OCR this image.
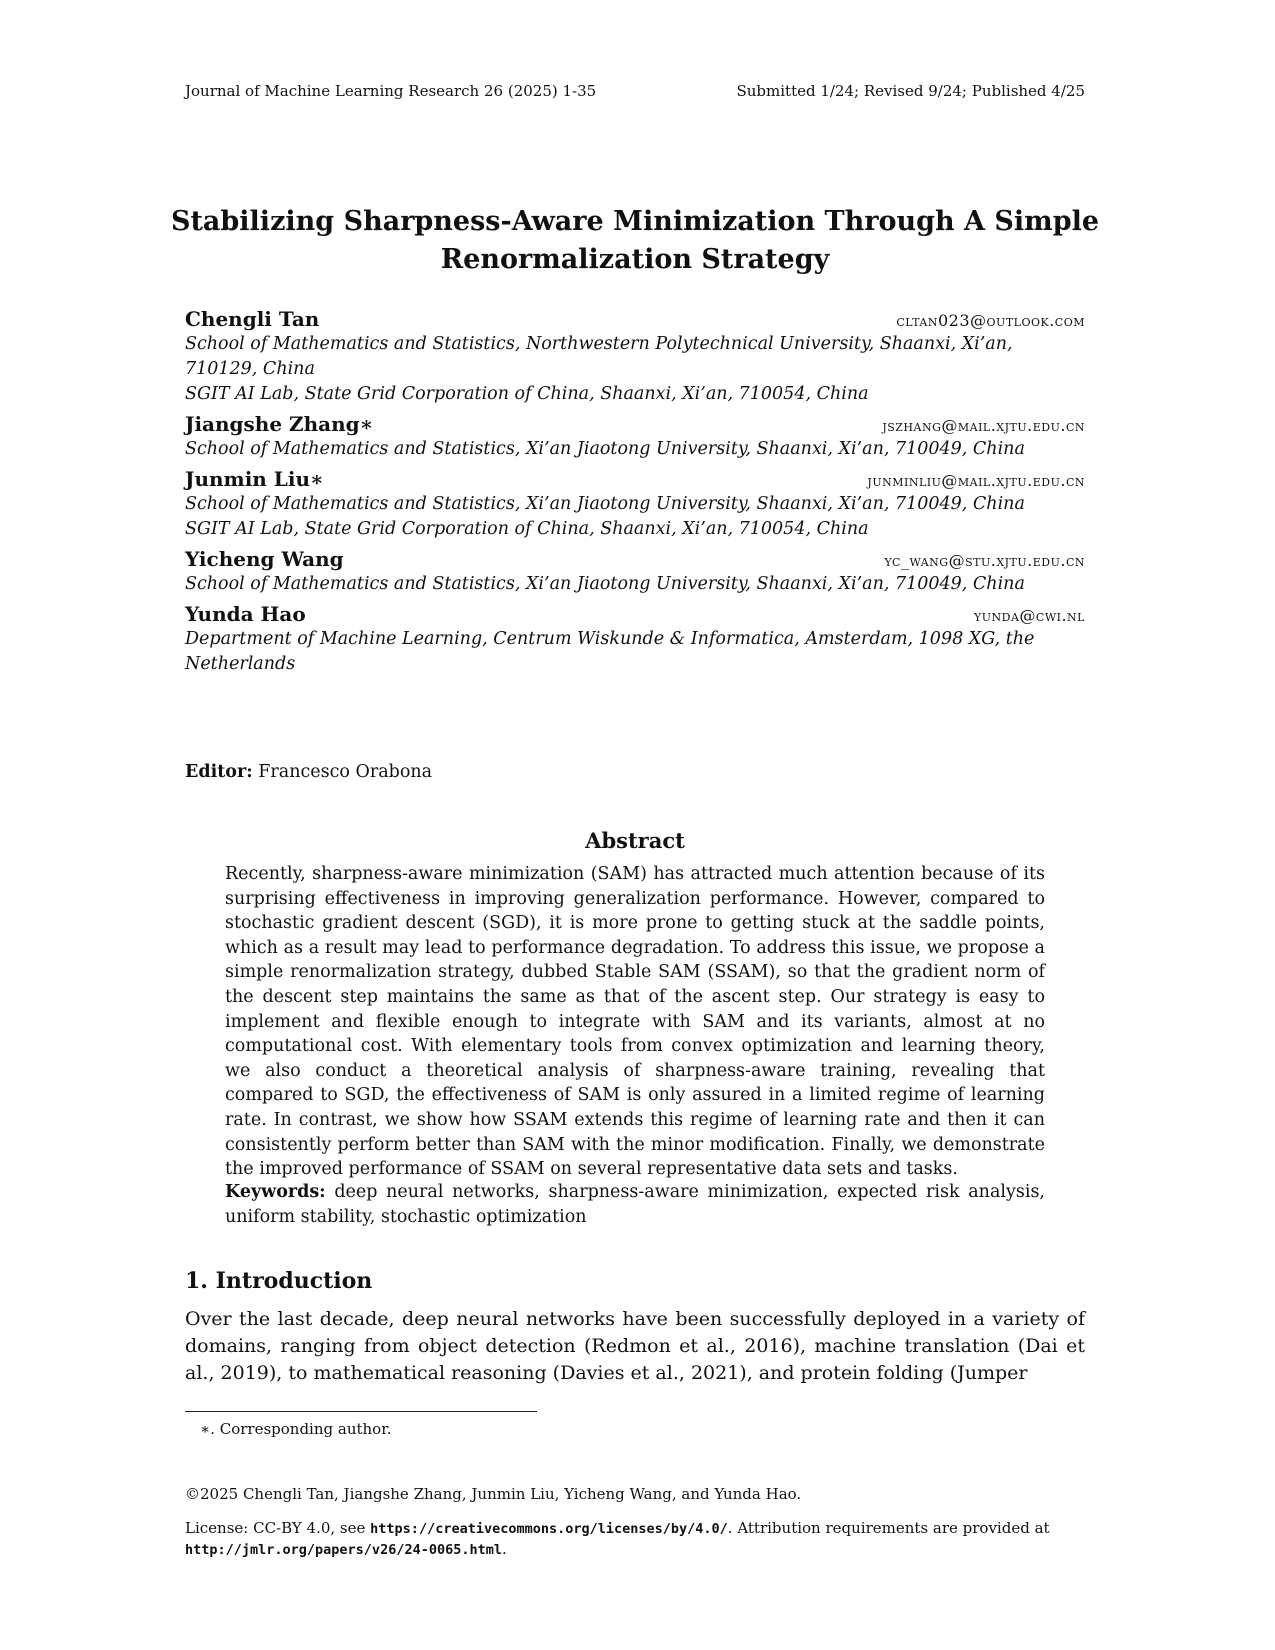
Journal of Machine Learning Research 26 (2025) 1-35	Submitted 1/24; Revised 9/24; Published 4/25
Stabilizing Sharpness-Aware Minimization Through A Simple
Renormalization Strategy
Chengli Tan	cltan023@outlook.com
School of Mathematics and Statistics, Northwestern Polytechnical University, Shaanxi, Xi’an, 710129, China
SGIT AI Lab, State Grid Corporation of China, Shaanxi, Xi’an, 710054, China
Jiangshe Zhang∗	jszhang@mail.xjtu.edu.cn
School of Mathematics and Statistics, Xi’an Jiaotong University, Shaanxi, Xi’an, 710049, China
Junmin Liu∗	junminliu@mail.xjtu.edu.cn
School of Mathematics and Statistics, Xi’an Jiaotong University, Shaanxi, Xi’an, 710049, China
SGIT AI Lab, State Grid Corporation of China, Shaanxi, Xi’an, 710054, China
Yicheng Wang	yc_wang@stu.xjtu.edu.cn
School of Mathematics and Statistics, Xi’an Jiaotong University, Shaanxi, Xi’an, 710049, China
Yunda Hao	yunda@cwi.nl
Department of Machine Learning, Centrum Wiskunde & Informatica, Amsterdam, 1098 XG, the Netherlands
Editor: Francesco Orabona
Abstract
Recently, sharpness-aware minimization (SAM) has attracted much attention because of its surprising effectiveness in improving generalization performance. However, compared to stochastic gradient descent (SGD), it is more prone to getting stuck at the saddle points, which as a result may lead to performance degradation. To address this issue, we propose a simple renormalization strategy, dubbed Stable SAM (SSAM), so that the gradient norm of the descent step maintains the same as that of the ascent step. Our strategy is easy to implement and flexible enough to integrate with SAM and its variants, almost at no computational cost. With elementary tools from convex optimization and learning theory, we also conduct a theoretical analysis of sharpness-aware training, revealing that compared to SGD, the effectiveness of SAM is only assured in a limited regime of learning rate. In contrast, we show how SSAM extends this regime of learning rate and then it can consistently perform better than SAM with the minor modification. Finally, we demonstrate the improved performance of SSAM on several representative data sets and tasks.
Keywords: deep neural networks, sharpness-aware minimization, expected risk analysis, uniform stability, stochastic optimization
1. Introduction
Over the last decade, deep neural networks have been successfully deployed in a variety of domains, ranging from object detection (Redmon et al., 2016), machine translation (Dai et al., 2019), to mathematical reasoning (Davies et al., 2021), and protein folding (Jumper
∗. Corresponding author.
©2025 Chengli Tan, Jiangshe Zhang, Junmin Liu, Yicheng Wang, and Yunda Hao.
License: CC-BY 4.0, see https://creativecommons.org/licenses/by/4.0/. Attribution requirements are provided at http://jmlr.org/papers/v26/24-0065.html.
